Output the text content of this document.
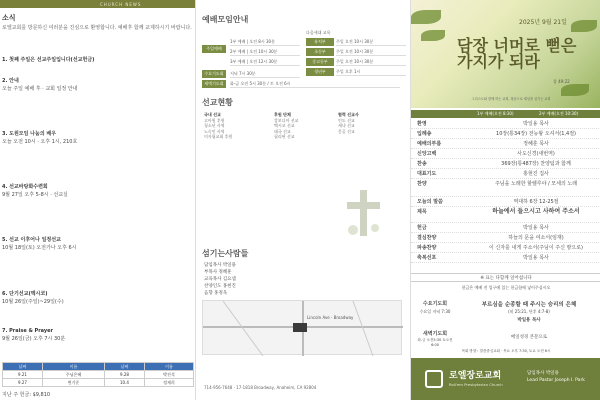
CHURCH NEWS
소식
로엘교회를 방문하신 여러분을 진심으로 환영합니다. 예배후 함께 교제하시기 바랍니다.
1. 첫째 주일은 선교주일입니다(선교헌금)
2. 안내
오늘 주일 예배 후 · 교회 일정 안내
3. 도원모임 나눔의 배우
오늘 오전 10시 · 오후 1시, 210호
4. 선교바탕화수련회
9월 27일 오후 5-8시 · 선교실
5. 선교 이후어나 일정선교
10월 18일(토) 오전가나 오후 6시
6. 단기선교(멕시코)
10월 26일(주일)~29일(수)
7. Praise & Prayer
9월 26일(금) 오후 7시 30분
날짜	이름	날짜	이름
9.21	주님은혜	9.28	박진석
9.27	변기준	10.4	정재희
지난 주 헌금: $9,810
예배모임안내
주일예배
1부 예배 | 오전 8시 30분
2부 예배 | 오전 10시 30분
3부 예배 | 오전 12시 30분
다음세대 교육
유치부	주일 오전 10시 30분
초등부	주일 오전 10시 30분
중고등부	주일 오전 10시 30분
청년부	주일 오후 1시
수요기도회	저녁 7시 30분
새벽기도회	화-금 오전 5시 30분 / 토 오전 6시
선교현황
국내 선교
고아원 후원
청소년 사역
노숙인 사역
미자립교회 후원
후원 단체
캄보디아 선교
멕시코 선교
태국 선교
필리핀 선교
협력 선교사
인도 선교
케냐 선교
몽골 선교
섬기는사람들
담임목사 박일용
부목사 정혜훈
교육목사 김요셉
찬양인도 홍현진
음향 홍정욱
Lincoln Ave · Broadway
714-956-7648 · 17-1818 Broadway, Anaheim, CA 92804
2025년 9월 21일
담장 너머로 뻗은 가지가 되라
창 49:22
그리스도와 함께 하는 교회, 복음으로 세상을 섬기는 교회
1부 예배(오전 8:30)	2부 예배(오전 10:30)
환영	박일용 목사
입례송	10장(통34장) 전능왕 오셔서(1,4절)
예배의부름	정혜훈 목사
신앙고백	사도신경(새번역)
찬송	369장(통487장) 찬양팀과 함께
대표기도	홍현진 집사
찬양	주님을 노래한 할렐루야 / 모세의 노래
오늘의 말씀	역대하 6장 12-25절
제목	하늘에서 들으시고 사하여 주소서
헌금	박일용 목사
결심찬양	하늘의 문을 여소서(임재)
파송찬양	이 신자를 내게 주소서(주님이 주신 땅으로)
축복선포	박일용 목사
※ 표는 다함께 일어섭니다
헌금은 예배 전 입구에 있는 헌금함에 넣어주십시오
수요기도회
수요일 저녁 7:30
부르심을 순종할 때 주시는 승리의 은혜
(히 25:21, 단후 4:7-8)
박일용 목사
새벽기도회
화-금 오전5:30 토오전6:00
매일성경 본문으로
목회 방향 : 말씀중심교회 · 목요 오후 7:30, 토요 오전 6시
로엘장로교회
Roll'em Presbyterian Church
담임목사 박일용
Lead Pastor Joseph I. Park
